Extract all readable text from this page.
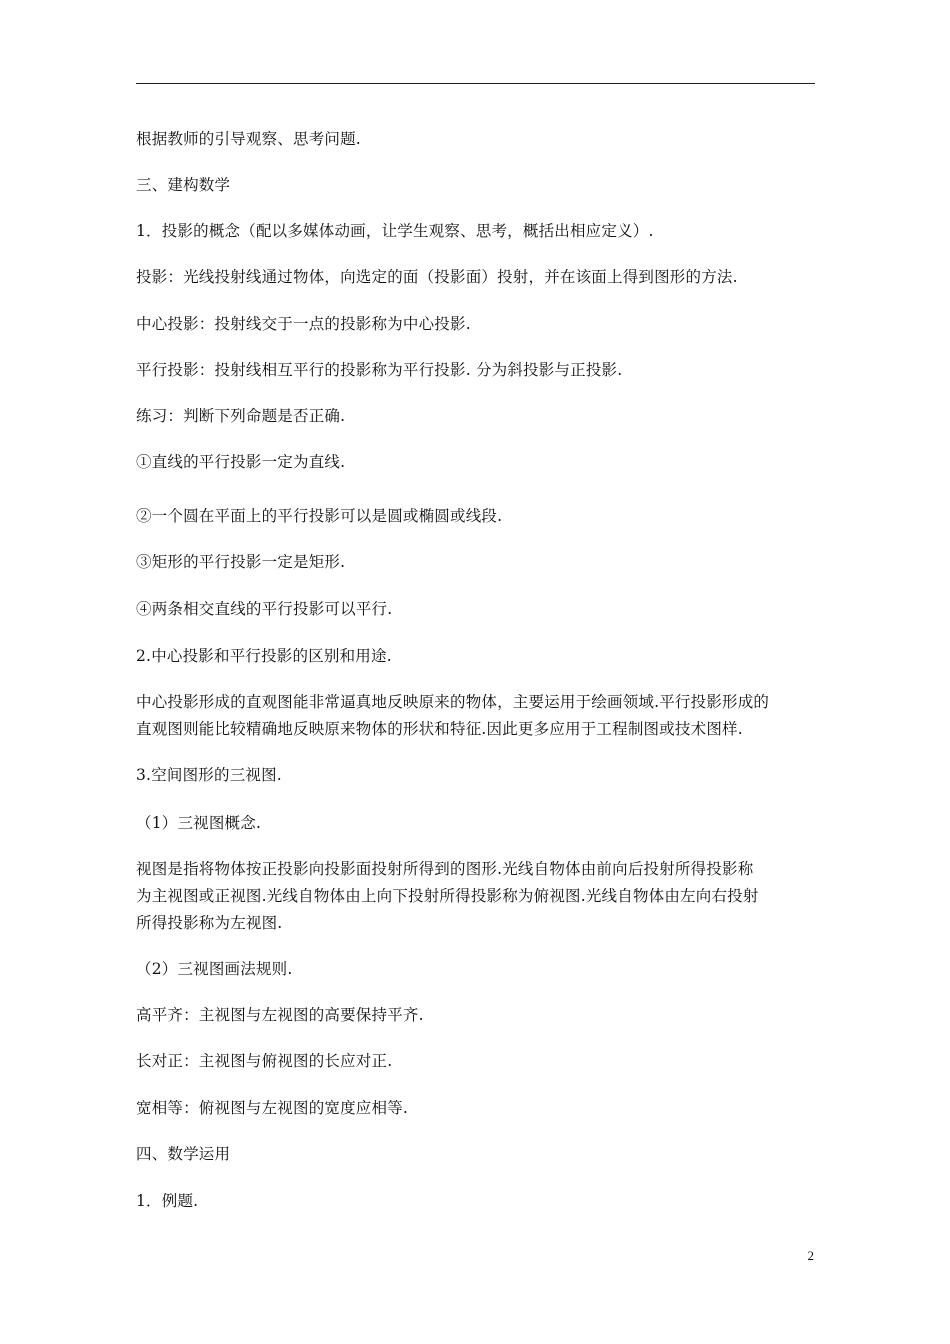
根据教师的引导观察、思考问题.
三、建构数学
1．投影的概念（配以多媒体动画，让学生观察、思考，概括出相应定义）.
投影：光线投射线通过物体，向选定的面（投影面）投射，并在该面上得到图形的方法.
中心投影：投射线交于一点的投影称为中心投影.
平行投影：投射线相互平行的投影称为平行投影. 分为斜投影与正投影.
练习：判断下列命题是否正确.
①直线的平行投影一定为直线.
②一个圆在平面上的平行投影可以是圆或椭圆或线段.
③矩形的平行投影一定是矩形.
④两条相交直线的平行投影可以平行.
2.中心投影和平行投影的区别和用途.
中心投影形成的直观图能非常逼真地反映原来的物体，主要运用于绘画领域.平行投影形成的
直观图则能比较精确地反映原来物体的形状和特征.因此更多应用于工程制图或技术图样.
3.空间图形的三视图.
（1）三视图概念.
视图是指将物体按正投影向投影面投射所得到的图形.光线自物体由前向后投射所得投影称
为主视图或正视图.光线自物体由上向下投射所得投影称为俯视图.光线自物体由左向右投射
所得投影称为左视图.
（2）三视图画法规则.
高平齐：主视图与左视图的高要保持平齐.
长对正：主视图与俯视图的长应对正.
宽相等：俯视图与左视图的宽度应相等.
四、数学运用
1．例题.
2
